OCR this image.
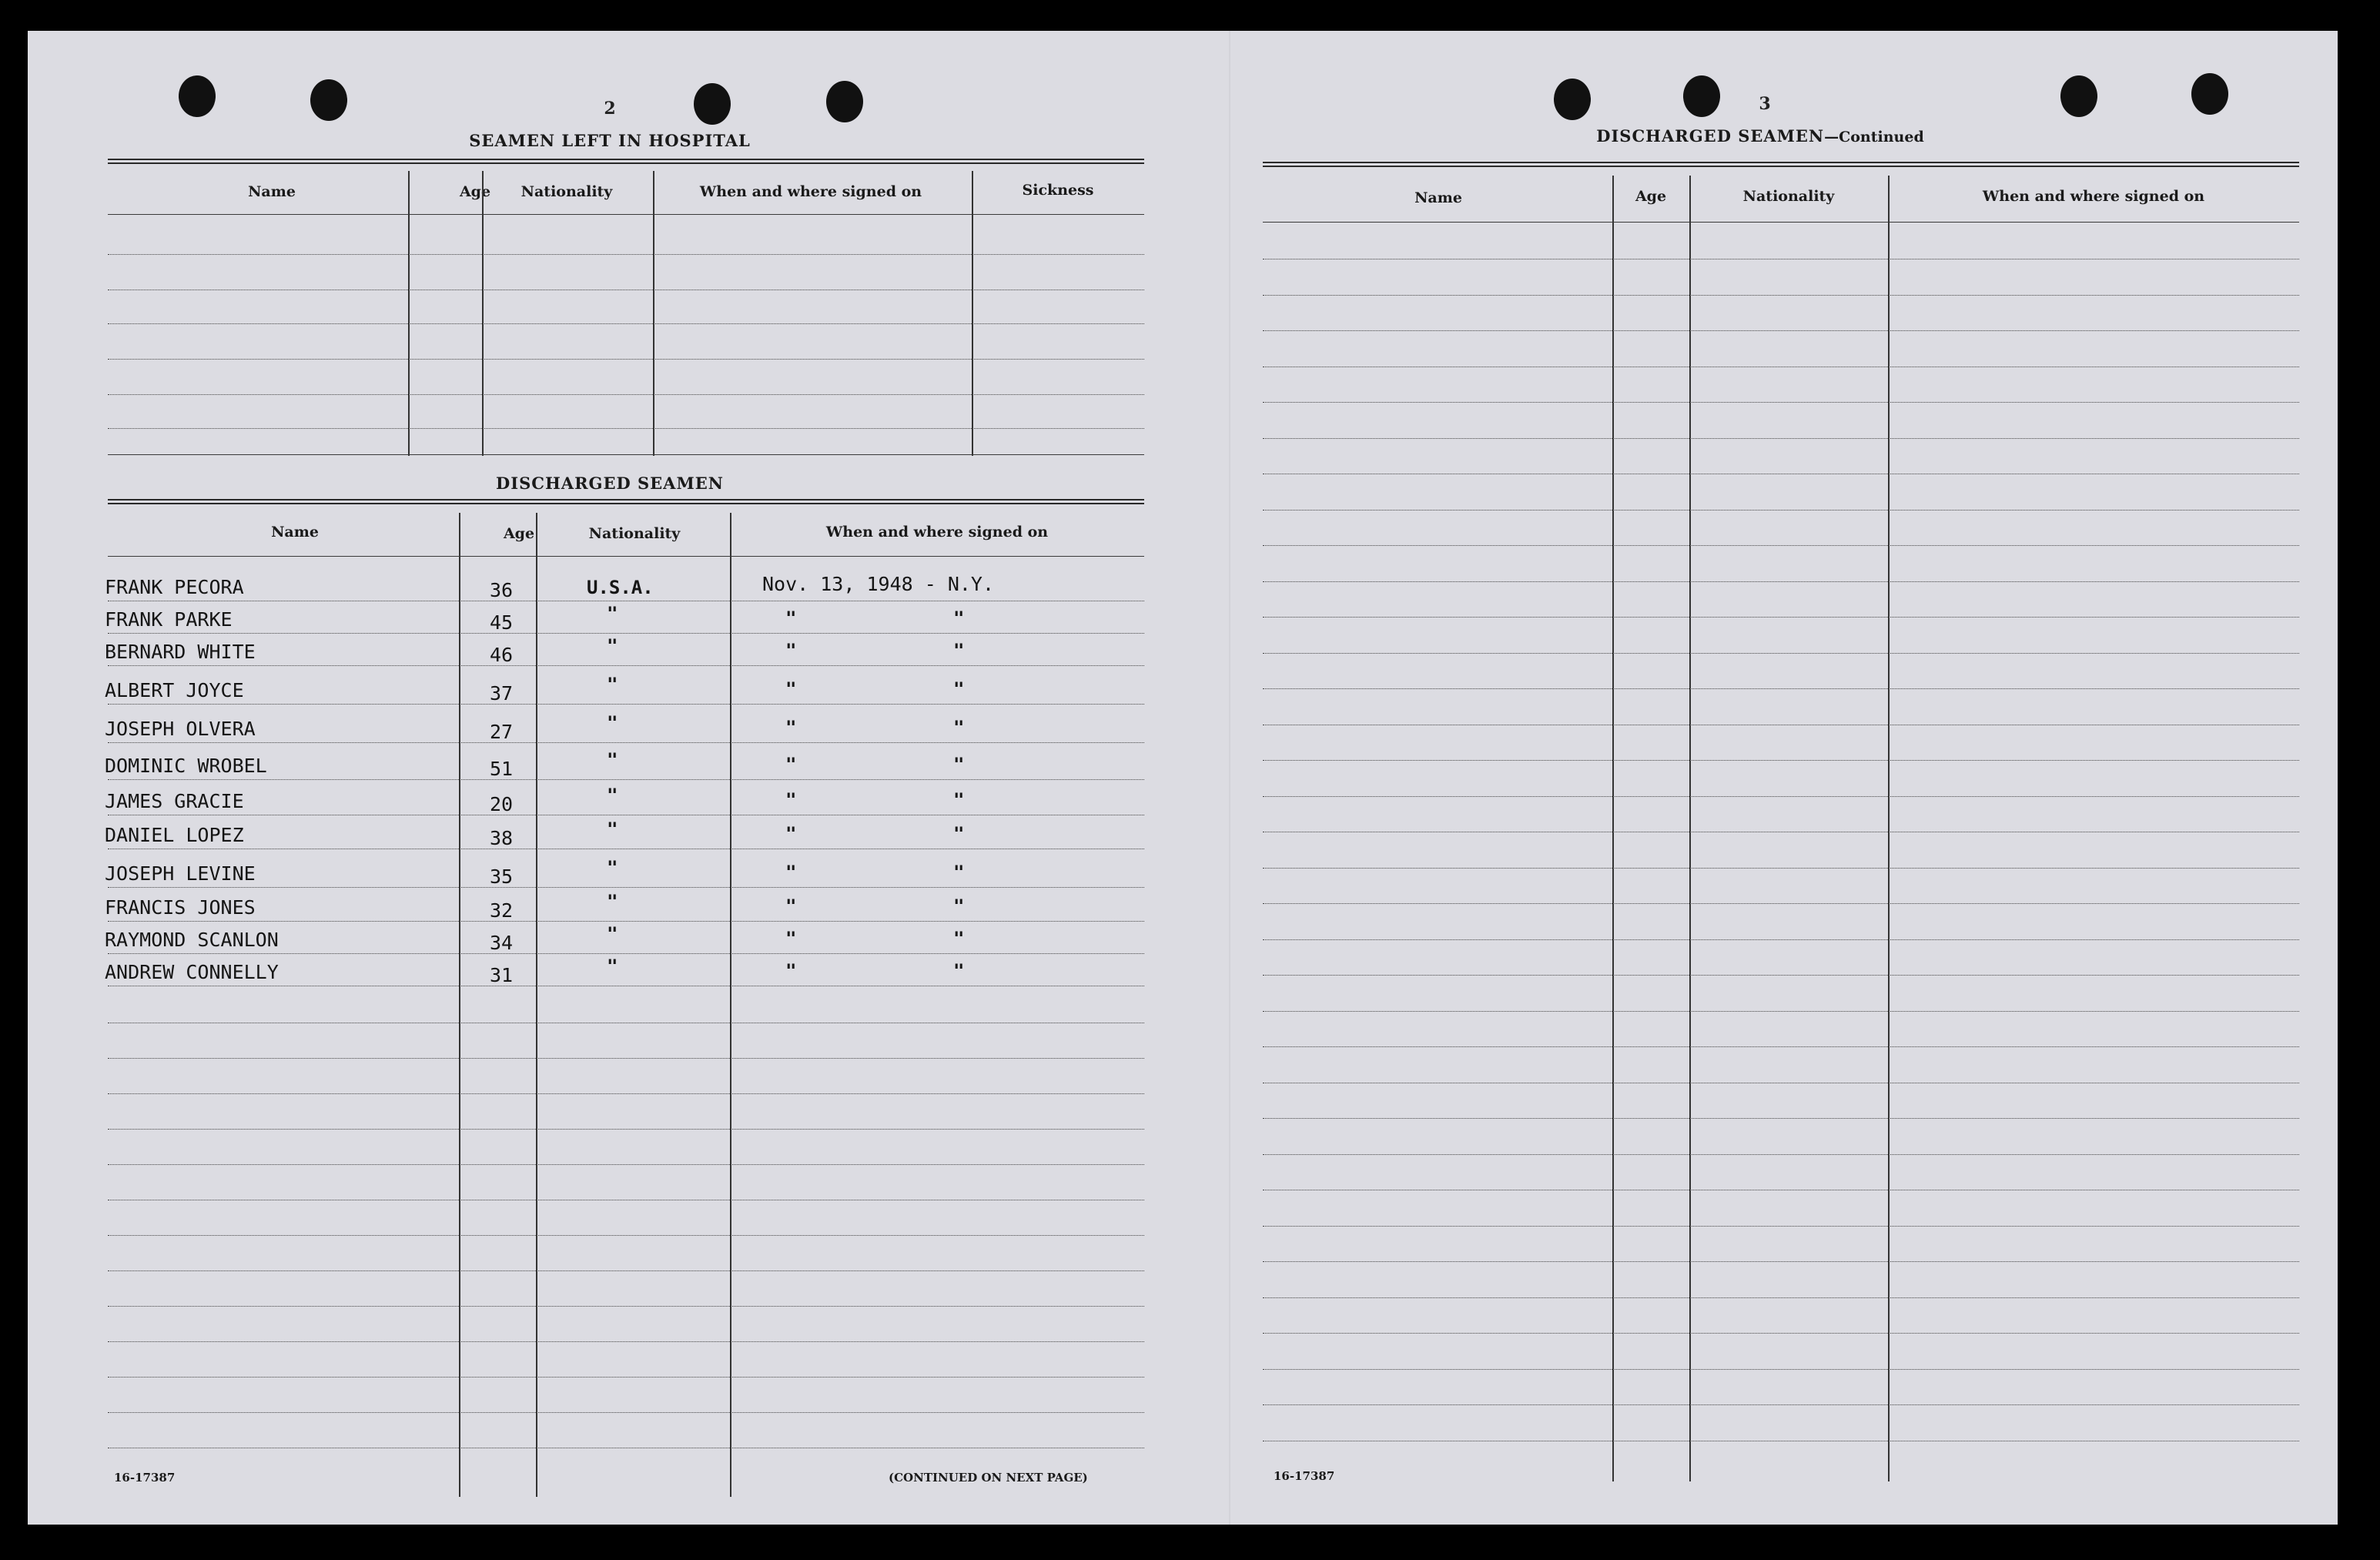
2
SEAMEN LEFT IN HOSPITAL
Name	Age	Nationality	When and where signed on	Sickness
DISCHARGED SEAMEN
Name	Age	Nationality	When and where signed on
FRANK PECORA	36	U.S.A.	Nov. 13, 1948 - N.Y.
FRANK PARKE	45	"	"	"
BERNARD WHITE	46	"	"	"
ALBERT JOYCE	37	"	"	"
JOSEPH OLVERA	27	"	"	"
DOMINIC WROBEL	51	"	"	"
JAMES GRACIE	20	"	"	"
DANIEL LOPEZ	38	"	"	"
JOSEPH LEVINE	35	"	"	"
FRANCIS JONES	32	"	"	"
RAYMOND SCANLON	34	"	"	"
ANDREW CONNELLY	31	"	"	"
16-17387	(CONTINUED ON NEXT PAGE)
3
DISCHARGED SEAMEN—Continued
Name	Age	Nationality	When and where signed on
16-17387
